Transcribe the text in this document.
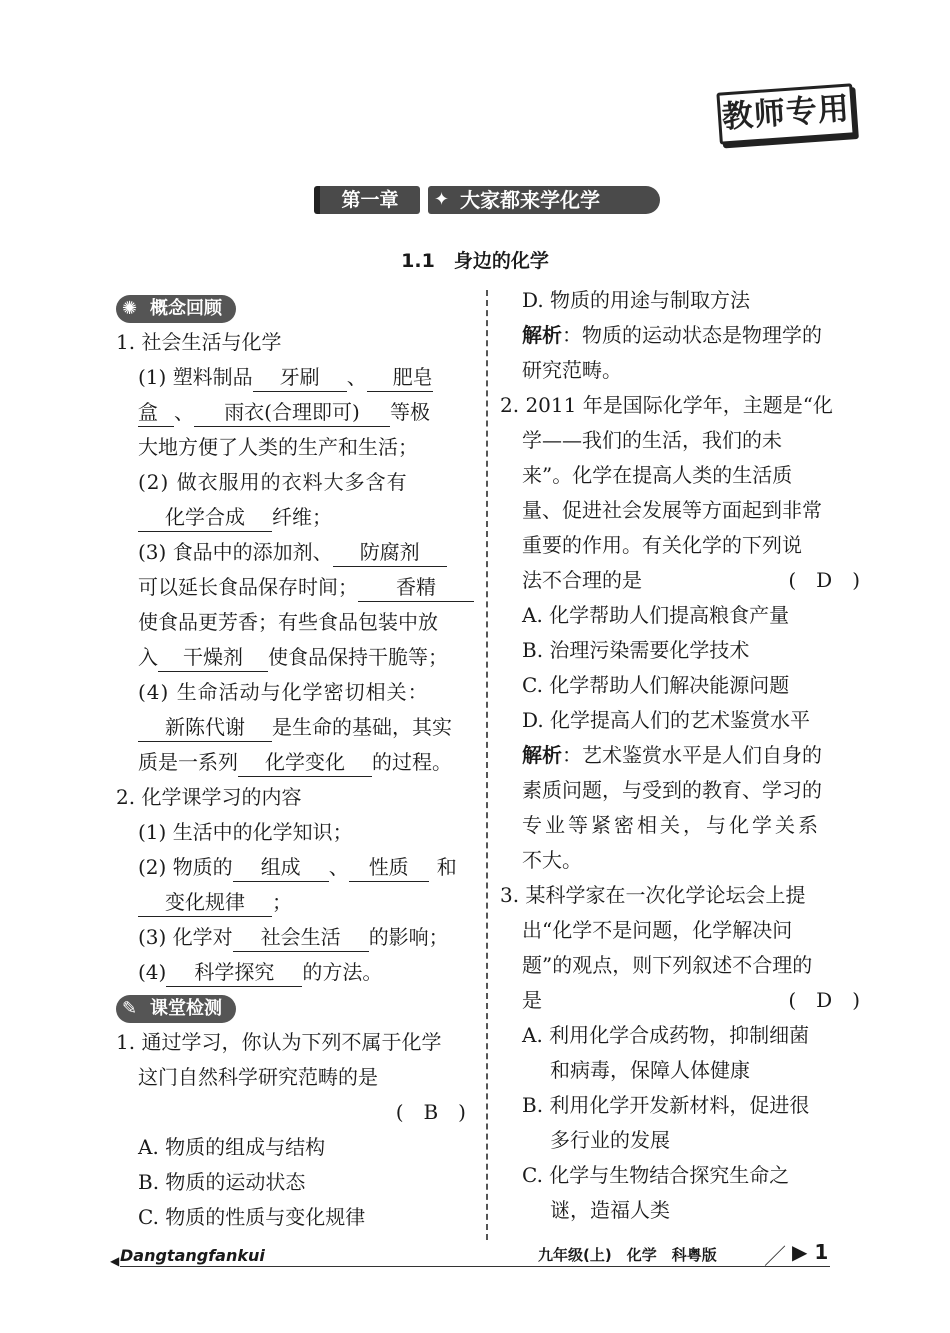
教师专用
第一章	✦ 大家都来学化学
1.1　身边的化学
✺ 概念回顾
1. 社会生活与化学
(1) 塑料制品 牙刷 、 肥皂
盒 、 雨衣(合理即可) 等极
大地方便了人类的生产和生活；
(2) 做衣服用的衣料大多含有
化学合成 纤维；
(3) 食品中的添加剂、 防腐剂
可以延长食品保存时间； 香精
使食品更芳香；有些食品包装中放
入 干燥剂 使食品保持干脆等；
(4) 生命活动与化学密切相关：
新陈代谢 是生命的基础，其实
质是一系列 化学变化 的过程。
2. 化学课学习的内容
(1) 生活中的化学知识；
(2) 物质的 组成 、 性质 和
变化规律 ；
(3) 化学对 社会生活 的影响；
(4) 科学探究 的方法。
✎ 课堂检测
1. 通过学习，你认为下列不属于化学
这门自然科学研究范畴的是
(　B　)
A. 物质的组成与结构
B. 物质的运动状态
C. 物质的性质与变化规律
D. 物质的用途与制取方法
解析：物质的运动状态是物理学的
研究范畴。
2. 2011 年是国际化学年，主题是“化
学——我们的生活，我们的未
来”。化学在提高人类的生活质
量、促进社会发展等方面起到非常
重要的作用。有关化学的下列说
法不合理的是	(　D　)
A. 化学帮助人们提高粮食产量
B. 治理污染需要化学技术
C. 化学帮助人们解决能源问题
D. 化学提高人们的艺术鉴赏水平
解析：艺术鉴赏水平是人们自身的
素质问题，与受到的教育、学习的
专业等紧密相关，与化学关系
不大。
3. 某科学家在一次化学论坛会上提
出“化学不是问题，化学解决问
题”的观点，则下列叙述不合理的
是	(　D　)
A. 利用化学合成药物，抑制细菌
和病毒，保障人体健康
B. 利用化学开发新材料，促进很
多行业的发展
C. 化学与生物结合探究生命之
谜，造福人类
◀ Dangtangfankui	九年级(上)　化学　科粤版 ／ ▶ 1
